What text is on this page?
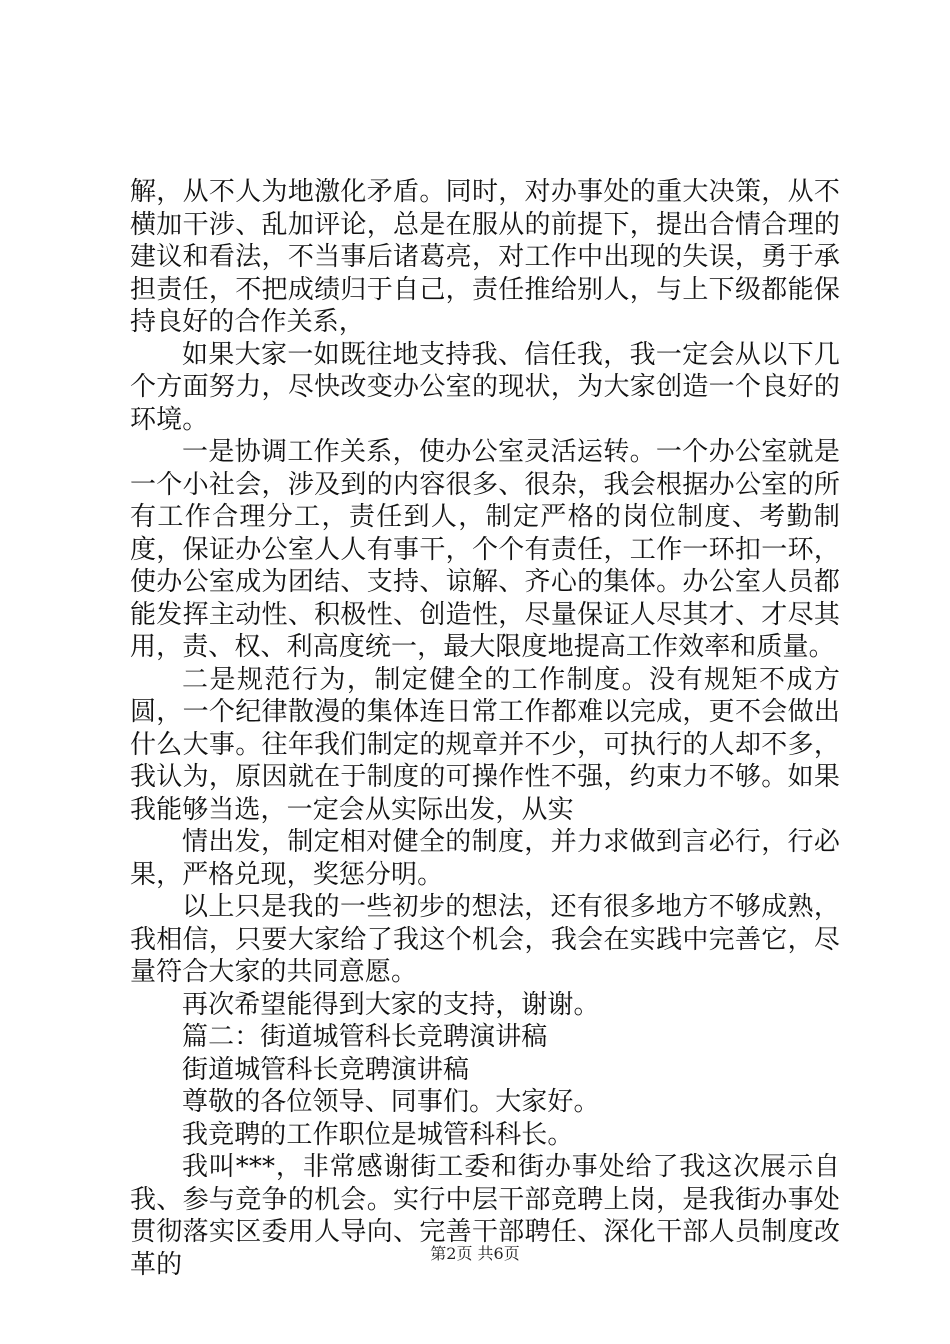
解，从不人为地激化矛盾。同时，对办事处的重大决策，从不横加干涉、乱加评论，总是在服从的前提下，提出合情合理的建议和看法，不当事后诸葛亮，对工作中出现的失误，勇于承担责任，不把成绩归于自己，责任推给别人，与上下级都能保持良好的合作关系，

如果大家一如既往地支持我、信任我，我一定会从以下几个方面努力，尽快改变办公室的现状，为大家创造一个良好的环境。

一是协调工作关系，使办公室灵活运转。一个办公室就是一个小社会，涉及到的内容很多、很杂，我会根据办公室的所有工作合理分工，责任到人，制定严格的岗位制度、考勤制度，保证办公室人人有事干，个个有责任，工作一环扣一环，使办公室成为团结、支持、谅解、齐心的集体。办公室人员都能发挥主动性、积极性、创造性，尽量保证人尽其才、才尽其用，责、权、利高度统一，最大限度地提高工作效率和质量。

二是规范行为，制定健全的工作制度。没有规矩不成方圆，一个纪律散漫的集体连日常工作都难以完成，更不会做出什么大事。往年我们制定的规章并不少，可执行的人却不多，我认为，原因就在于制度的可操作性不强，约束力不够。如果我能够当选，一定会从实际出发，从实

情出发，制定相对健全的制度，并力求做到言必行，行必果，严格兑现，奖惩分明。

以上只是我的一些初步的想法，还有很多地方不够成熟，我相信，只要大家给了我这个机会，我会在实践中完善它，尽量符合大家的共同意愿。

再次希望能得到大家的支持，谢谢。

篇二：街道城管科长竞聘演讲稿

街道城管科长竞聘演讲稿

尊敬的各位领导、同事们。大家好。

我竞聘的工作职位是城管科科长。

我叫***，非常感谢街工委和街办事处给了我这次展示自我、参与竞争的机会。实行中层干部竞聘上岗，是我街办事处贯彻落实区委用人导向、完善干部聘任、深化干部人员制度改革的	第2页 共6页
